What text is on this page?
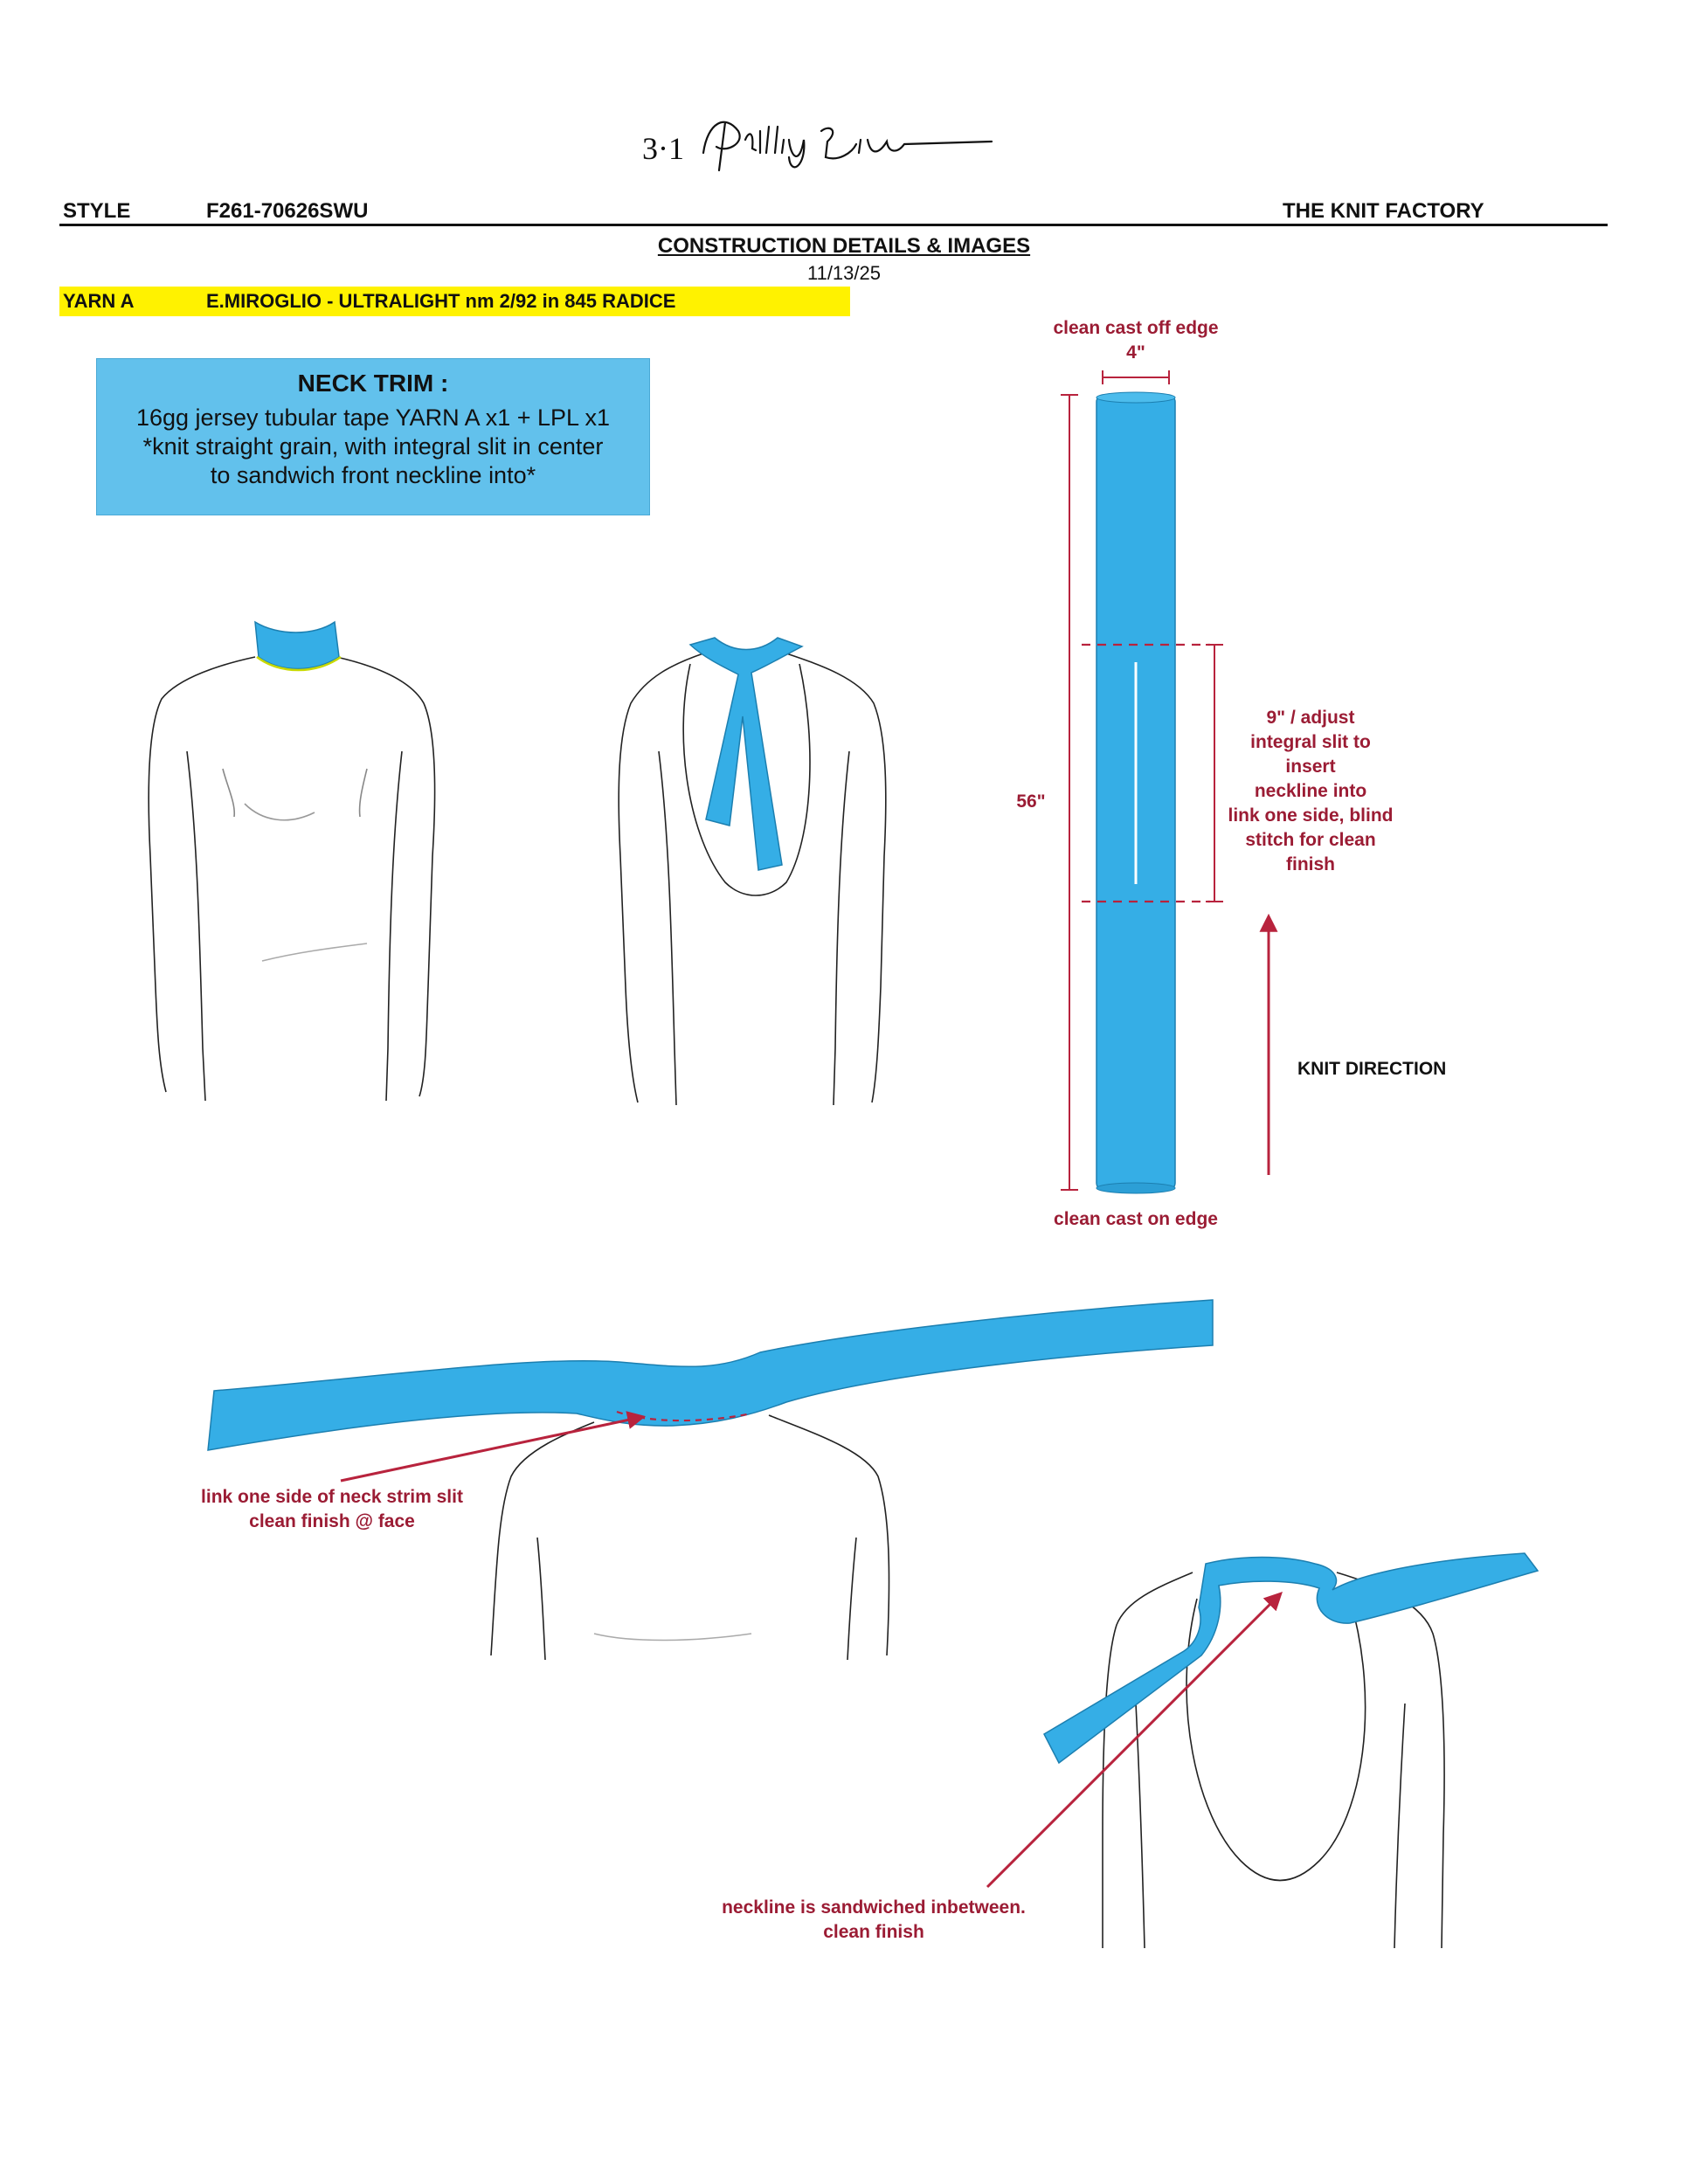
3·1
STYLE	F261-70626SWU	THE KNIT FACTORY
CONSTRUCTION DETAILS & IMAGES
11/13/25
YARN A	E.MIROGLIO - ULTRALIGHT nm 2/92 in 845 RADICE
NECK TRIM :
16gg jersey tubular tape YARN A x1 + LPL x1
*knit straight grain, with integral slit in center
to sandwich front neckline into*
clean cast off edge
4"
56"
9" / adjust
integral slit to insert
neckline into
link one side, blind
stitch for clean finish
KNIT DIRECTION
clean cast on edge
link one side of neck strim slit
clean finish @ face
neckline is sandwiched inbetween.
clean finish
